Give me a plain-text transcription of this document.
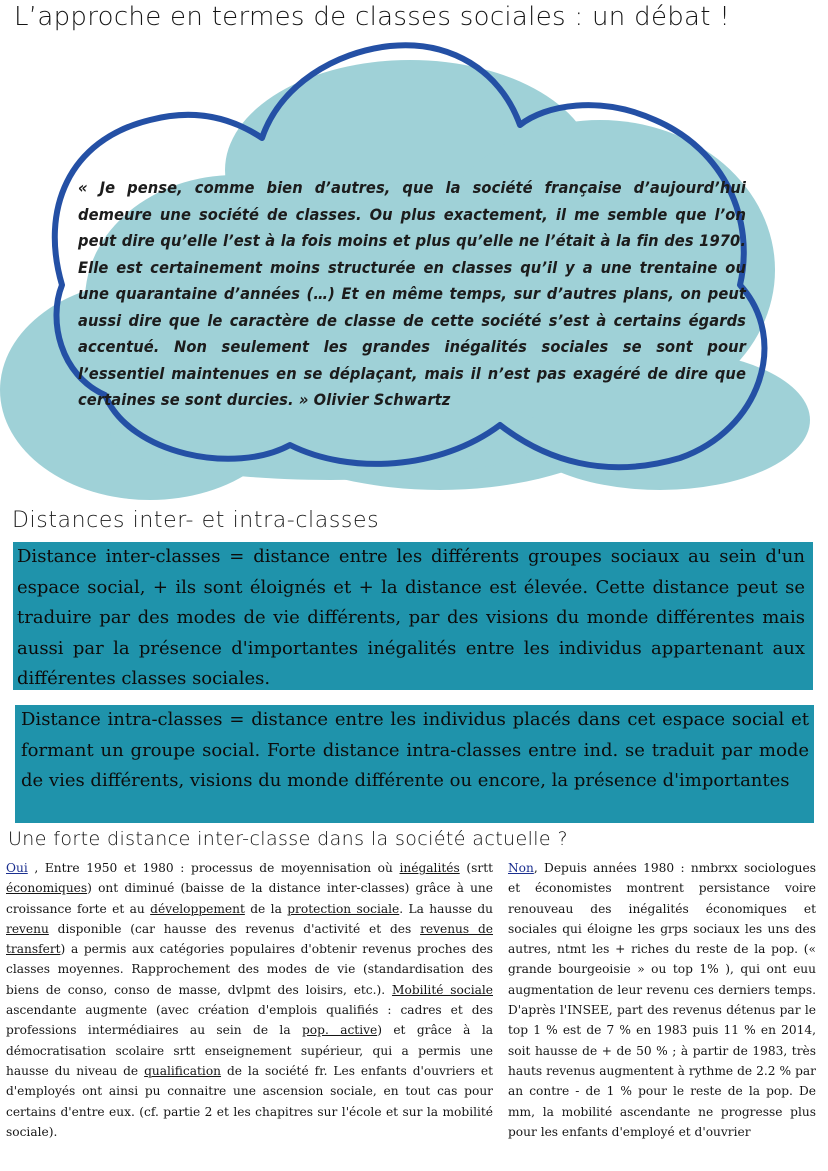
L’approche en termes de classes sociales : un débat !

« Je pense, comme bien d’autres, que la société française d’aujourd’hui demeure une société de classes. Ou plus exactement, il me semble que l’on peut dire qu’elle l’est à la fois moins et plus qu’elle ne l’était à la fin des 1970. Elle est certainement moins structurée en classes qu’il y a une trentaine ou une quarantaine d’années (…) Et en même temps, sur d’autres plans, on peut aussi dire que le caractère de classe de cette société s’est à certains égards accentué. Non seulement les grandes inégalités sociales se sont pour l’essentiel maintenues en se déplaçant, mais il n’est pas exagéré de dire que certaines se sont durcies. » Olivier Schwartz

Distances inter- et intra-classes
Distance inter-classes = distance entre les différents groupes sociaux au sein d'un espace social, + ils sont éloignés et + la distance est élevée. Cette distance peut se traduire par des modes de vie différents, par des visions du monde différentes mais aussi par la présence d'importantes inégalités entre les individus appartenant aux différentes classes sociales.
Distance intra-classes = distance entre les individus placés dans cet espace social et formant un groupe social. Forte distance intra-classes entre ind. se traduit par mode de vies différents, visions du monde différente ou encore, la présence d'importantes
Une forte distance inter-classe dans la société actuelle ?
Oui , Entre 1950 et 1980 : processus de moyennisation où inégalités (srtt économiques) ont diminué (baisse de la distance inter-classes) grâce à une croissance forte et au développement de la protection sociale. La hausse du revenu disponible (car hausse des revenus d'activité et des revenus de transfert) a permis aux catégories populaires d'obtenir revenus proches des classes moyennes. Rapprochement des modes de vie (standardisation des biens de conso, conso de masse, dvlpmt des loisirs, etc.). Mobilité sociale ascendante augmente (avec création d'emplois qualifiés : cadres et des professions intermédiaires au sein de la pop. active) et grâce à la démocratisation scolaire srtt enseignement supérieur, qui a permis une hausse du niveau de qualification de la société fr. Les enfants d'ouvriers et d'employés ont ainsi pu connaitre une ascension sociale, en tout cas pour certains d'entre eux. (cf. partie 2 et les chapitres sur l'école et sur la mobilité sociale).
Non, Depuis années 1980 : nmbrxx sociologues et économistes montrent persistance voire renouveau des inégalités économiques et sociales qui éloigne les grps sociaux les uns des autres, ntmt les + riches du reste de la pop. (« grande bourgeoisie » ou top 1% ), qui ont euu augmentation de leur revenu ces derniers temps. D'après l'INSEE, part des revenus détenus par le top 1 % est de 7 % en 1983 puis 11 % en 2014, soit hausse de + de 50 % ; à partir de 1983, très hauts revenus augmentent à rythme de 2.2 % par an contre - de 1 % pour le reste de la pop. De mm, la mobilité ascendante ne progresse plus pour les enfants d'employé et d'ouvrier
